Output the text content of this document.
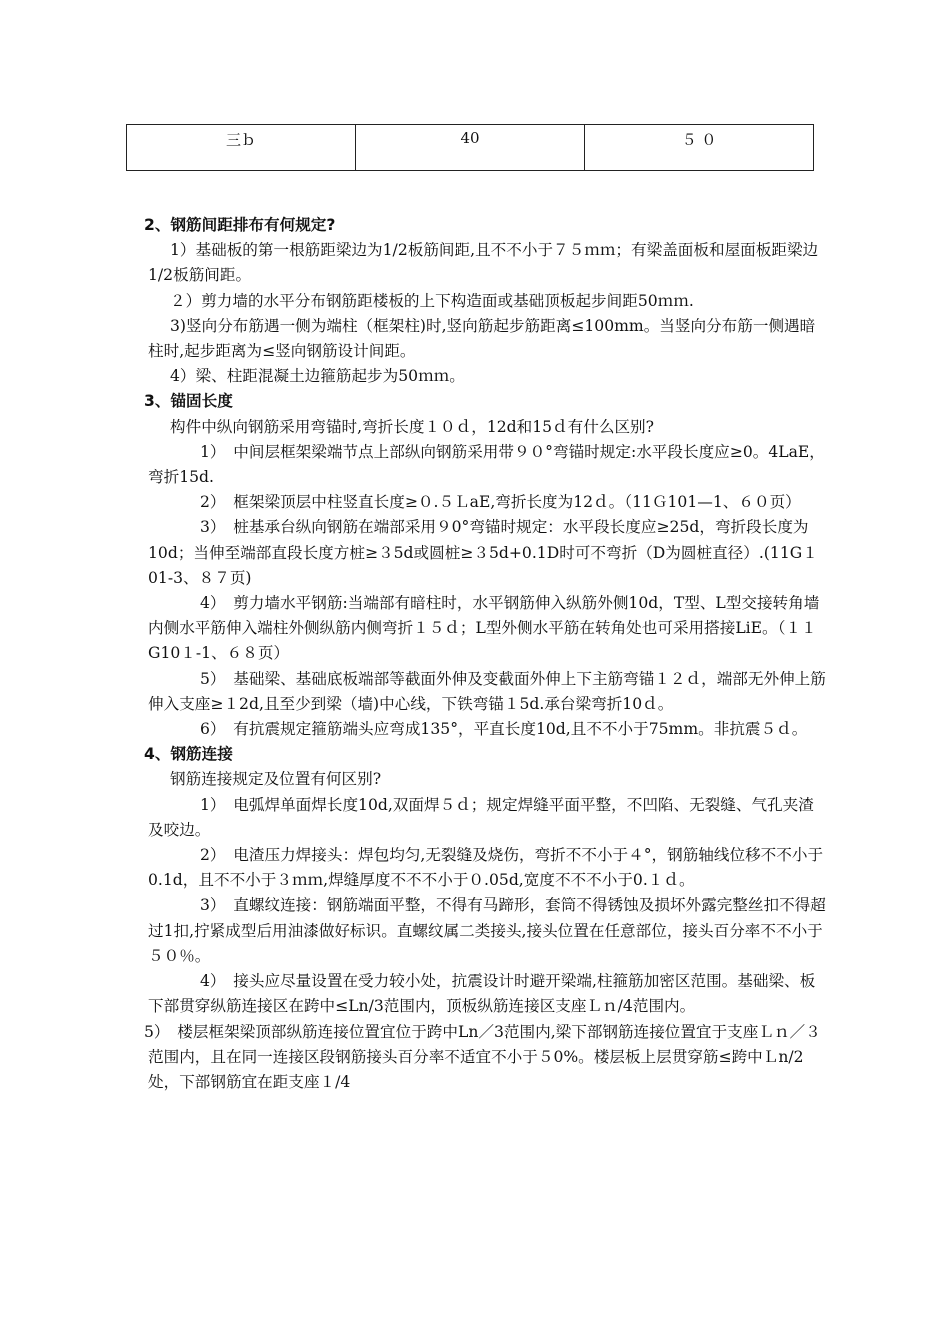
三ｂ	40	５ ０

2、钢筋间距排布有何规定?

1）基础板的第一根筋距梁边为1/2板筋间距,且不不小于７５ｍｍ；有梁盖面板和屋面板距梁边1/2板筋间距。

２）剪力墙的水平分布钢筋距楼板的上下构造面或基础顶板起步间距50ｍｍ.

3)竖向分布筋遇一侧为端柱（框架柱)时,竖向筋起步筋距离≤100mm。当竖向分布筋一侧遇暗柱时,起步距离为≤竖向钢筋设计间距。

4）梁、柱距混凝土边箍筋起步为50ｍｍ。

3、锚固长度

构件中纵向钢筋采用弯锚时,弯折长度１０ｄ，12d和15ｄ有什么区别?

1）　中间层框架梁端节点上部纵向钢筋采用带９０°弯锚时规定:水平段长度应≥0。4LaE，弯折15d.

2）　框架梁顶层中柱竖直长度≥０.５ＬaE,弯折长度为12ｄ。（11Ｇ101—1、６０页）

3）　桩基承台纵向钢筋在端部采用９0°弯锚时规定：水平段长度应≥25d，弯折段长度为10d；当伸至端部直段长度方桩≥３5d或圆桩≥３5d+0.1D时可不弯折（D为圆桩直径）.(11G１01-3、８７页)

4）　剪力墙水平钢筋:当端部有暗柱时，水平钢筋伸入纵筋外侧10d，T型、L型交接转角墙内侧水平筋伸入端柱外侧纵筋内侧弯折１５ｄ；L型外侧水平筋在转角处也可采用搭接LiE。（１１G10１-1、６８页）

5）　基础梁、基础底板端部等截面外伸及变截面外伸上下主筋弯锚１２ｄ，端部无外伸上筋伸入支座≥１2d,且至少到梁（墙)中心线，下铁弯锚１5d.承台梁弯折10ｄ。

6）　有抗震规定箍筋端头应弯成135°，平直长度10d,且不不小于75mm。非抗震５ｄ。

4、钢筋连接

钢筋连接规定及位置有何区别?

1）　电弧焊单面焊长度10d,双面焊５ｄ；规定焊缝平面平整，不凹陷、无裂缝、气孔夹渣及咬边。

2）　电渣压力焊接头：焊包均匀,无裂缝及烧伤，弯折不不小于４°，钢筋轴线位移不不小于0.1d，且不不小于３ｍｍ,焊缝厚度不不不小于０.05d,宽度不不不小于0.１ｄ。

3）　直螺纹连接：钢筋端面平整，不得有马蹄形，套筒不得锈蚀及损坏外露完整丝扣不得超过1扣,拧紧成型后用油漆做好标识。直螺纹属二类接头,接头位置在任意部位，接头百分率不不小于５０％。

4）　接头应尽量设置在受力较小处，抗震设计时避开梁端,柱箍筋加密区范围。基础梁、板下部贯穿纵筋连接区在跨中≤Ln/3范围内，顶板纵筋连接区支座Ｌｎ/4范围内。

5）　楼层框架梁顶部纵筋连接位置宜位于跨中Ln／3范围内,梁下部钢筋连接位置宜于支座Ｌｎ／３范围内，且在同一连接区段钢筋接头百分率不适宜不小于５0%。楼层板上层贯穿筋≤跨中Ｌn/2处，下部钢筋宜在距支座１/4
